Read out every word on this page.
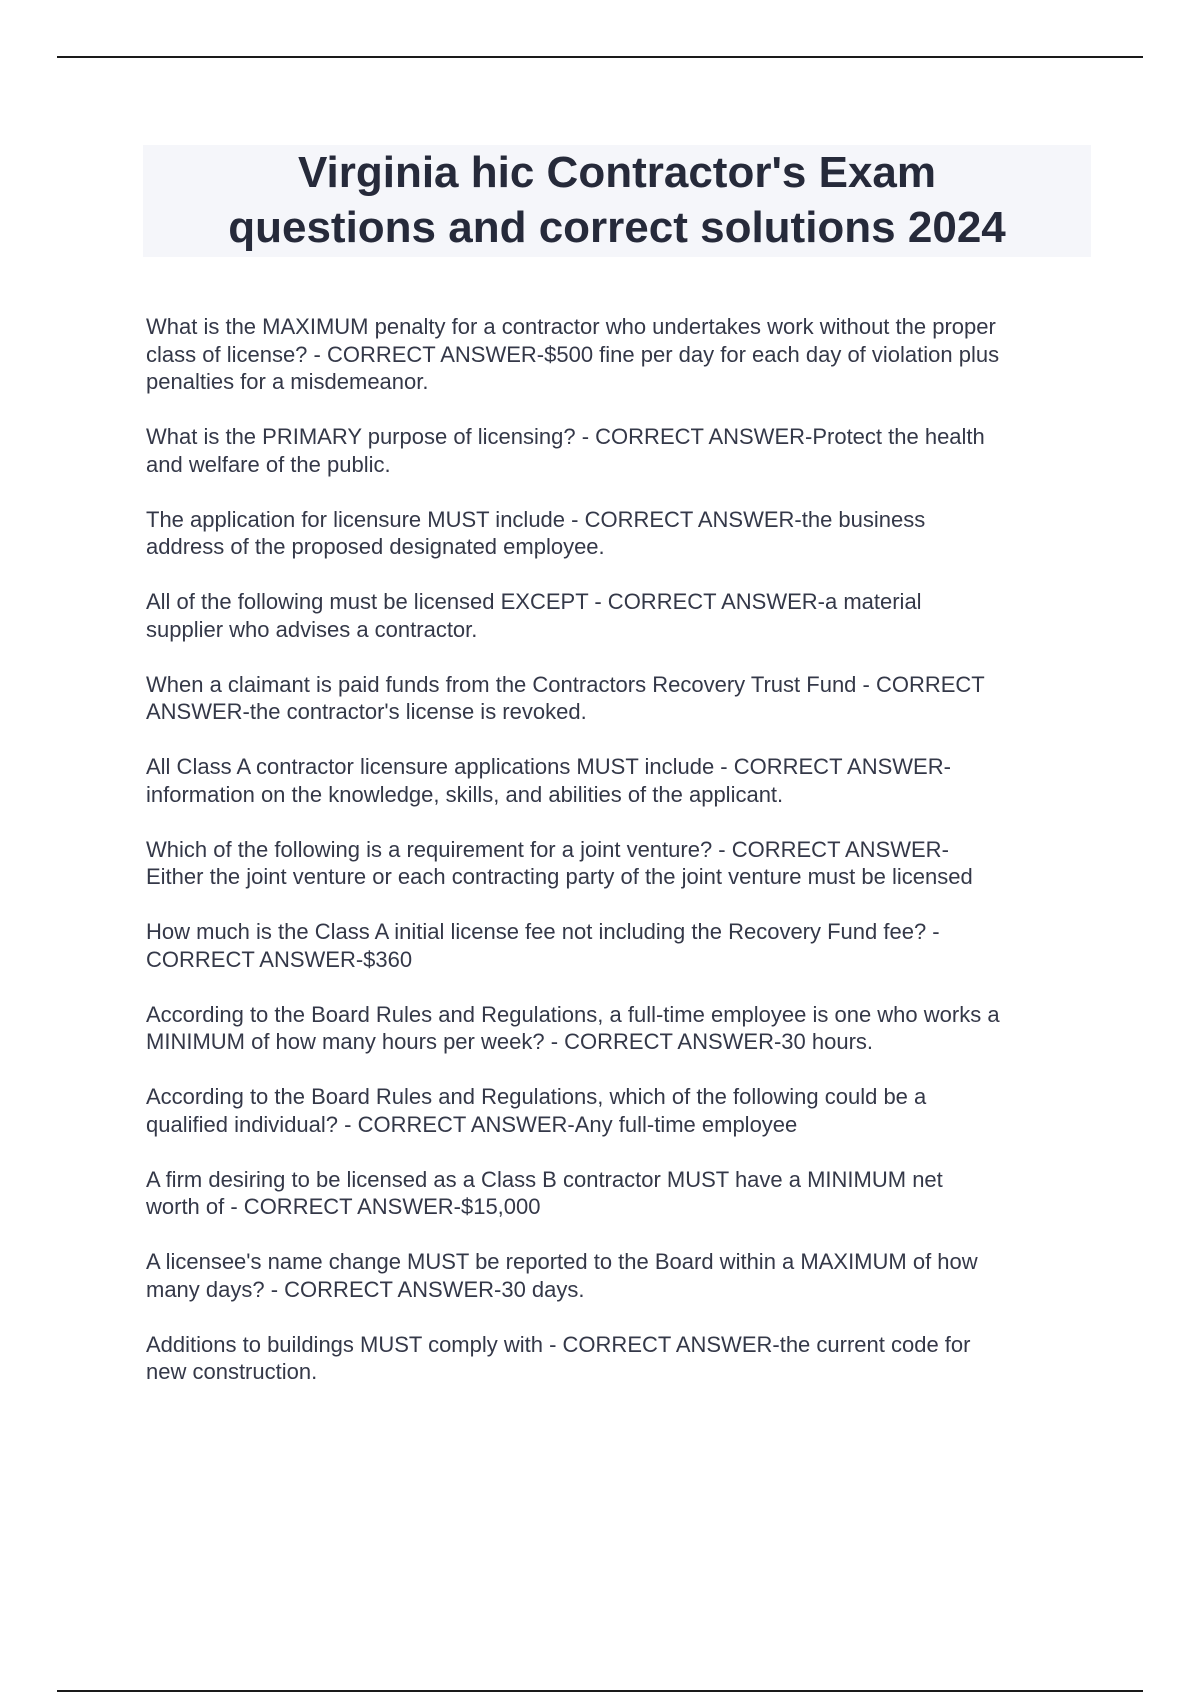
Virginia hic Contractor's Exam
questions and correct solutions 2024
What is the MAXIMUM penalty for a contractor who undertakes work without the proper
class of license? - CORRECT ANSWER-$500 fine per day for each day of violation plus
penalties for a misdemeanor.
What is the PRIMARY purpose of licensing? - CORRECT ANSWER-Protect the health
and welfare of the public.
The application for licensure MUST include - CORRECT ANSWER-the business
address of the proposed designated employee.
All of the following must be licensed EXCEPT - CORRECT ANSWER-a material
supplier who advises a contractor.
When a claimant is paid funds from the Contractors Recovery Trust Fund - CORRECT
ANSWER-the contractor's license is revoked.
All Class A contractor licensure applications MUST include - CORRECT ANSWER-
information on the knowledge, skills, and abilities of the applicant.
Which of the following is a requirement for a joint venture? - CORRECT ANSWER-
Either the joint venture or each contracting party of the joint venture must be licensed
How much is the Class A initial license fee not including the Recovery Fund fee? -
CORRECT ANSWER-$360
According to the Board Rules and Regulations, a full-time employee is one who works a
MINIMUM of how many hours per week? - CORRECT ANSWER-30 hours.
According to the Board Rules and Regulations, which of the following could be a
qualified individual? - CORRECT ANSWER-Any full-time employee
A firm desiring to be licensed as a Class B contractor MUST have a MINIMUM net
worth of - CORRECT ANSWER-$15,000
A licensee's name change MUST be reported to the Board within a MAXIMUM of how
many days? - CORRECT ANSWER-30 days.
Additions to buildings MUST comply with - CORRECT ANSWER-the current code for
new construction.
